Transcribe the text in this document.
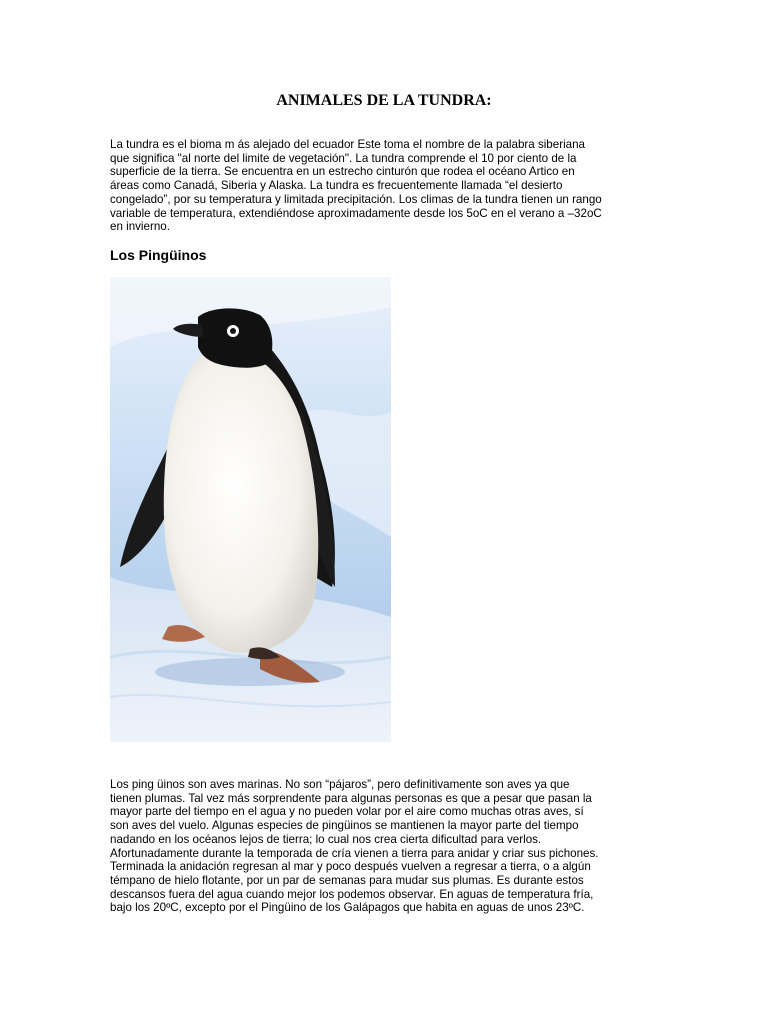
ANIMALES DE LA TUNDRA:
La tundra es el bioma m ás alejado del ecuador Este toma el nombre de la palabra siberiana
que significa "al norte del limite de vegetación". La tundra comprende el 10 por ciento de la
superficie de la tierra. Se encuentra en un estrecho cinturón que rodea el océano Artico en
áreas como Canadá, Siberia y Alaska. La tundra es frecuentemente llamada “el desierto
congelado”, por su temperatura y limitada precipitación. Los climas de la tundra tienen un rango
variable de temperatura, extendiéndose aproximadamente desde los 5oC en el verano a –32oC
en invierno.
Los Pingüinos
Los ping üinos son aves marinas. No son “pájaros”, pero definitivamente son aves ya que
tienen plumas. Tal vez más sorprendente para algunas personas es que a pesar que pasan la
mayor parte del tiempo en el agua y no pueden volar por el aire como muchas otras aves, sí
son aves del vuelo. Algunas especies de pingüinos se mantienen la mayor parte del tiempo
nadando en los océanos lejos de tierra; lo cual nos crea cierta dificultad para verlos.
Afortunadamente durante la temporada de cría vienen a tierra para anidar y criar sus pichones.
Terminada la anidación regresan al mar y poco después vuelven a regresar a tierra, o a algún
témpano de hielo flotante, por un par de semanas para mudar sus plumas. Es durante estos
descansos fuera del agua cuando mejor los podemos observar. En aguas de temperatura fría,
bajo los 20ºC, excepto por el Pingüino de los Galápagos que habita en aguas de unos 23ºC.
